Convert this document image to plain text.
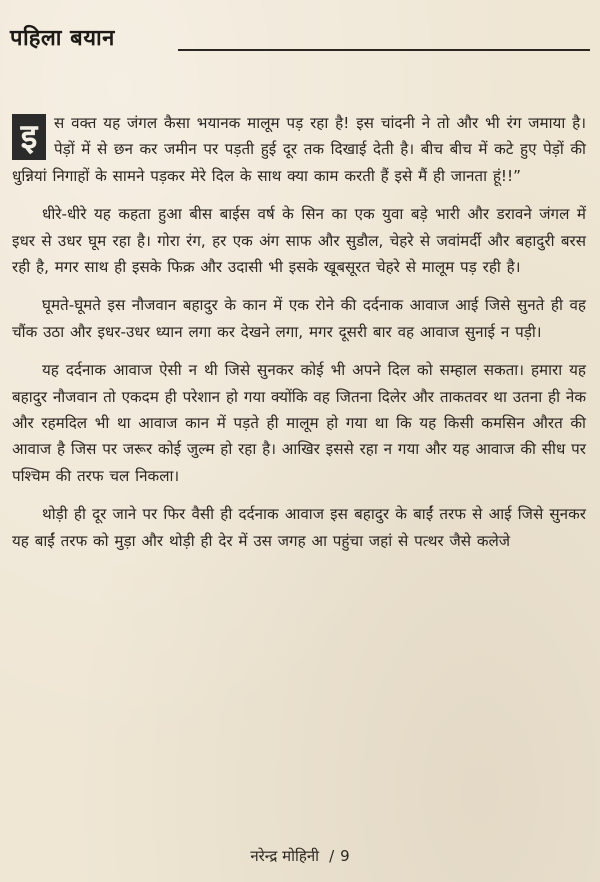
पहिला बयान

इ	स वक्त यह जंगल कैसा भयानक मालूम पड़ रहा है! इस चांदनी ने तो और भी रंग जमाया है। पेड़ों में से छन कर जमीन पर पड़ती हुई दूर तक दिखाई देती है। बीच बीच में कटे हुए पेड़ों की धुन्नियां निगाहों के सामने पड़कर मेरे दिल के साथ क्या काम करती हैं इसे मैं ही जानता हूं!!”

धीरे-धीरे यह कहता हुआ बीस बाईस वर्ष के सिन का एक युवा बड़े भारी और डरावने जंगल में इधर से उधर घूम रहा है। गोरा रंग, हर एक अंग साफ और सुडौल, चेहरे से जवांमर्दी और बहादुरी बरस रही है, मगर साथ ही इसके फिक्र और उदासी भी इसके खूबसूरत चेहरे से मालूम पड़ रही है।

घूमते-घूमते इस नौजवान बहादुर के कान में एक रोने की दर्दनाक आवाज आई जिसे सुनते ही वह चौंक उठा और इधर-उधर ध्यान लगा कर देखने लगा, मगर दूसरी बार वह आवाज सुनाई न पड़ी।

यह दर्दनाक आवाज ऐसी न थी जिसे सुनकर कोई भी अपने दिल को सम्हाल सकता। हमारा यह बहादुर नौजवान तो एकदम ही परेशान हो गया क्योंकि वह जितना दिलेर और ताकतवर था उतना ही नेक और रहमदिल भी था आवाज कान में पड़ते ही मालूम हो गया था कि यह किसी कमसिन औरत की आवाज है जिस पर जरूर कोई जुल्म हो रहा है। आखिर इससे रहा न गया और यह आवाज की सीध पर पश्चिम की तरफ चल निकला।

थोड़ी ही दूर जाने पर फिर वैसी ही दर्दनाक आवाज इस बहादुर के बाईं तरफ से आई जिसे सुनकर यह बाईं तरफ को मुड़ा और थोड़ी ही देर में उस जगह आ पहुंचा जहां से पत्थर जैसे कलेजे

नरेन्द्र मोहिनी / 9
